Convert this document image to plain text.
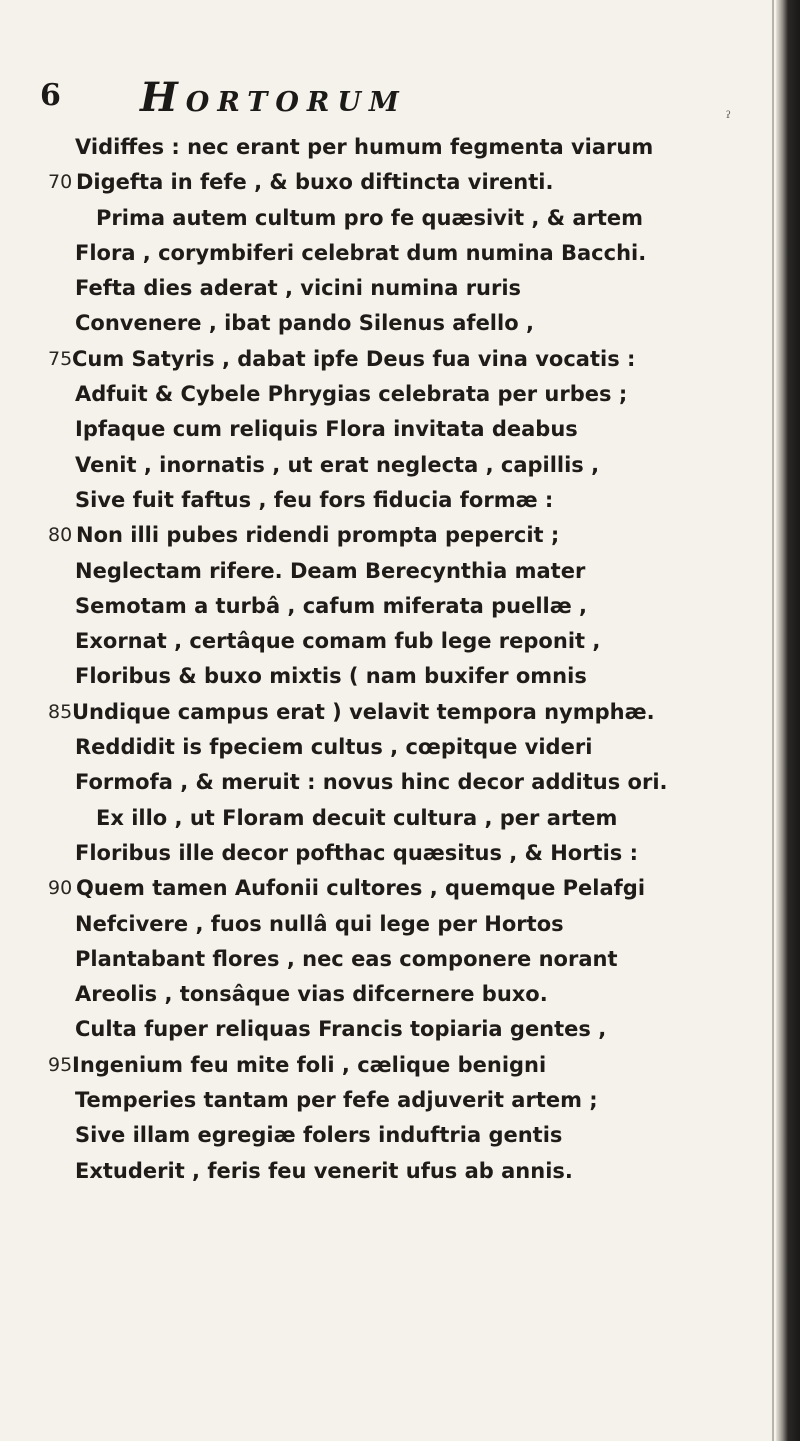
6 HORTORUM
ˀ
Vidiffes : nec erant per humum fegmenta viarum
70 Digefta in fefe , & buxo diftincta virenti.
Prima autem cultum pro fe quæsivit , & artem
Flora , corymbiferi celebrat dum numina Bacchi.
Fefta dies aderat , vicini numina ruris
Convenere , ibat pando Silenus afello ,
75 Cum Satyris , dabat ipfe Deus fua vina vocatis :
Adfuit & Cybele Phrygias celebrata per urbes ;
Ipfaque cum reliquis Flora invitata deabus
Venit , inornatis , ut erat neglecta , capillis ,
Sive fuit faftus , feu fors fiducia formæ :
80 Non illi pubes ridendi prompta pepercit ;
Neglectam rifere. Deam Berecynthia mater
Semotam a turbâ , cafum miferata puellæ ,
Exornat , certâque comam fub lege reponit ,
Floribus & buxo mixtis ( nam buxifer omnis
85 Undique campus erat ) velavit tempora nymphæ.
Reddidit is fpeciem cultus , cœpitque videri
Formofa , & meruit : novus hinc decor additus ori.
Ex illo , ut Floram decuit cultura , per artem
Floribus ille decor pofthac quæsitus , & Hortis :
90 Quem tamen Aufonii cultores , quemque Pelafgi
Nefcivere , fuos nullâ qui lege per Hortos
Plantabant flores , nec eas componere norant
Areolis , tonsâque vias difcernere buxo.
Culta fuper reliquas Francis topiaria gentes ,
95 Ingenium feu mite foli , cælique benigni
Temperies tantam per fefe adjuverit artem ;
Sive illam egregiæ folers induftria gentis
Extuderit , feris feu venerit ufus ab annis.
